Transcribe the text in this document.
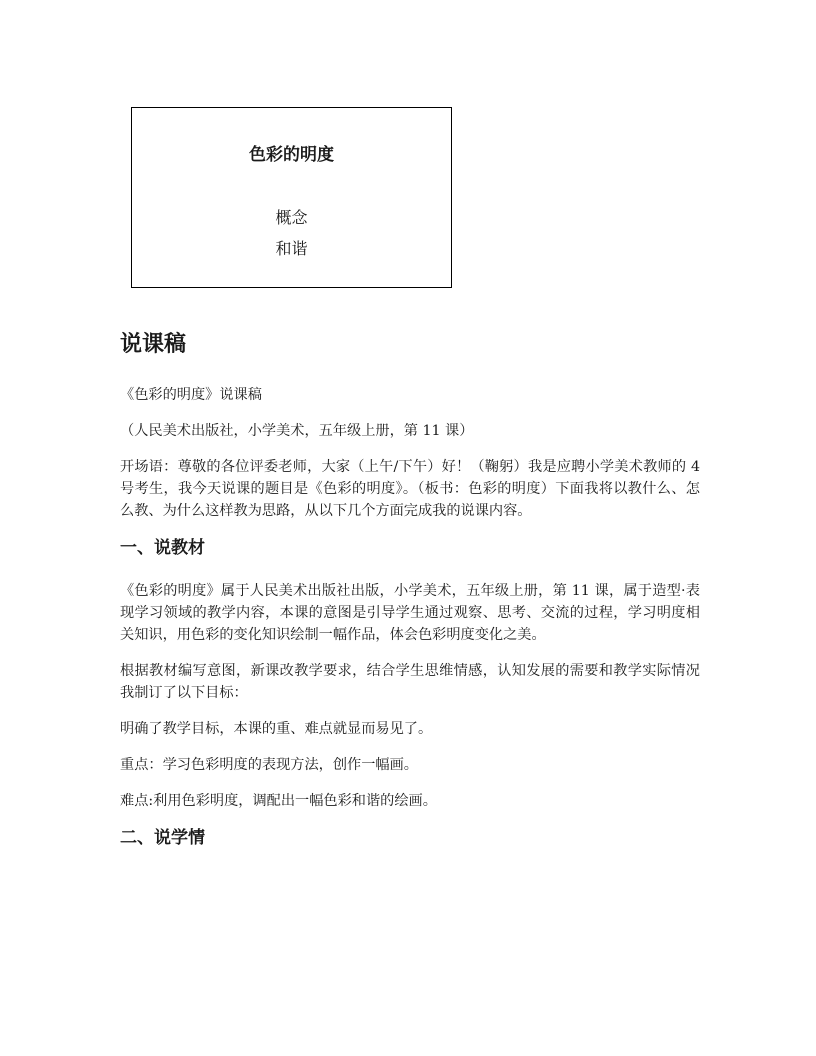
色彩的明度
概念
和谐
说课稿

《色彩的明度》说课稿

（人民美术出版社，小学美术，五年级上册，第 11 课）

开场语：尊敬的各位评委老师，大家（上午/下午）好！（鞠躬）我是应聘小学美术教师的 4 号考生，我今天说课的题目是《色彩的明度》。（板书：色彩的明度）下面我将以教什么、怎么教、为什么这样教为思路，从以下几个方面完成我的说课内容。

一、说教材

《色彩的明度》属于人民美术出版社出版，小学美术，五年级上册，第 11 课，属于造型·表现学习领域的教学内容，本课的意图是引导学生通过观察、思考、交流的过程，学习明度相关知识，用色彩的变化知识绘制一幅作品，体会色彩明度变化之美。

根据教材编写意图，新课改教学要求，结合学生思维情感，认知发展的需要和教学实际情况我制订了以下目标：

明确了教学目标，本课的重、难点就显而易见了。

重点：学习色彩明度的表现方法，创作一幅画。

难点:利用色彩明度，调配出一幅色彩和谐的绘画。

二、说学情
